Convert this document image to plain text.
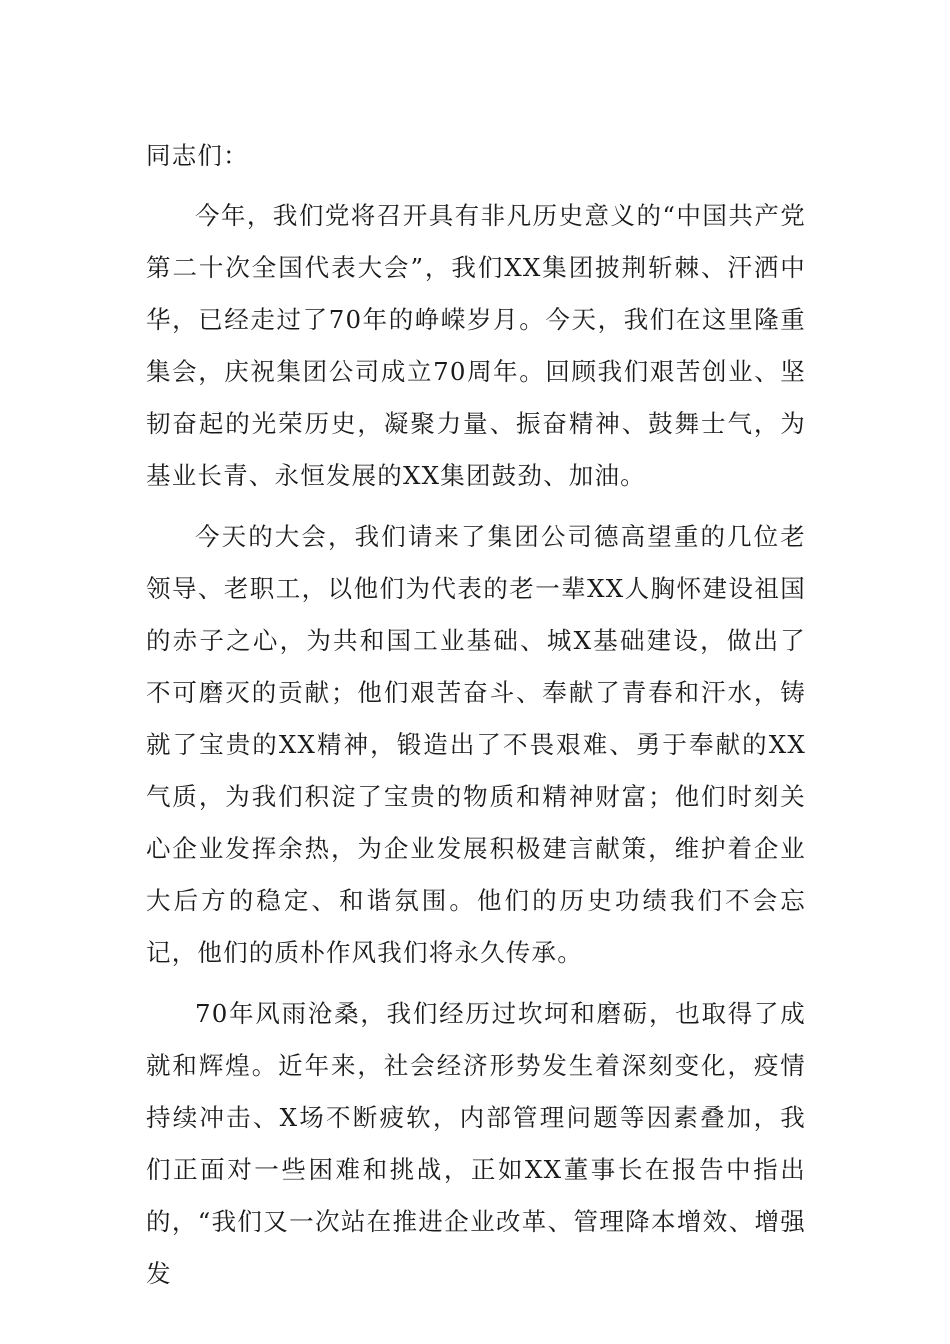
同志们：

今年，我们党将召开具有非凡历史意义的“中国共产党第二十次全国代表大会”，我们XX集团披荆斩棘、汗洒中华，已经走过了70年的峥嵘岁月。今天，我们在这里隆重集会，庆祝集团公司成立70周年。回顾我们艰苦创业、坚韧奋起的光荣历史，凝聚力量、振奋精神、鼓舞士气，为基业长青、永恒发展的XX集团鼓劲、加油。

今天的大会，我们请来了集团公司德高望重的几位老领导、老职工，以他们为代表的老一辈XX人胸怀建设祖国的赤子之心，为共和国工业基础、城X基础建设，做出了不可磨灭的贡献；他们艰苦奋斗、奉献了青春和汗水，铸就了宝贵的XX精神，锻造出了不畏艰难、勇于奉献的XX气质，为我们积淀了宝贵的物质和精神财富；他们时刻关心企业发挥余热，为企业发展积极建言献策，维护着企业大后方的稳定、和谐氛围。他们的历史功绩我们不会忘记，他们的质朴作风我们将永久传承。

70年风雨沧桑，我们经历过坎坷和磨砺，也取得了成就和辉煌。近年来，社会经济形势发生着深刻变化，疫情持续冲击、X场不断疲软，内部管理问题等因素叠加，我们正面对一些困难和挑战，正如XX董事长在报告中指出的，“我们又一次站在推进企业改革、管理降本增效、增强发
